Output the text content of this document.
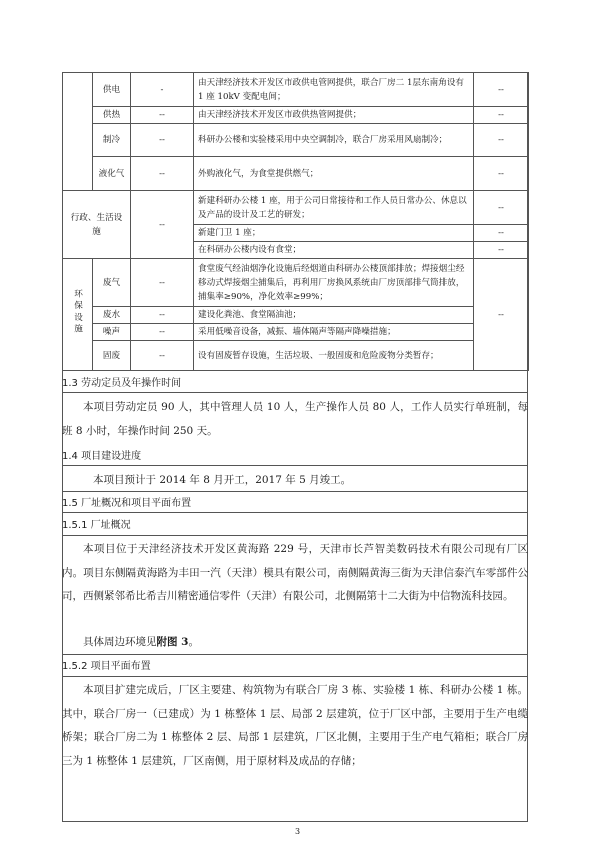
	供电	-	由天津经济技术开发区市政供电管网提供，联合厂房二 1层东南角设有 1 座 10kV 变配电间；	--
	供热	--	由天津经济技术开发区市政供热管网提供；	--
	制冷	--	科研办公楼和实验楼采用中央空调制冷，联合厂房采用风扇制冷；	--
	液化气	--	外购液化气，为食堂提供燃气；	--
行政、生活设施		--	新建科研办公楼 1 座，用于公司日常接待和工作人员日常办公、休息以及产品的设计及工艺的研发；	--
			新建门卫 1 座；	--
			在科研办公楼内设有食堂；	--
环保设施	废气	--	食堂废气经油烟净化设施后经烟道由科研办公楼顶部排放；焊接烟尘经移动式焊接烟尘捕集后，再利用厂房换风系统由厂房顶部排气筒排放，捕集率≥90%，净化效率≥99%；	--
	废水	--	建设化粪池、食堂隔油池；	
	噪声	--	采用低噪音设备，减振、墙体隔声等隔声降噪措施；	
	固废	--	设有固废暂存设施，生活垃圾、一般固废和危险废物分类暂存；	
1.3 劳动定员及年操作时间
本项目劳动定员 90 人，其中管理人员 10 人，生产操作人员 80 人，工作人员实行单班制，每班 8 小时，年操作时间 250 天。
1.4 项目建设进度
本项目预计于 2014 年 8 月开工，2017 年 5 月竣工。
1.5 厂址概况和项目平面布置
1.5.1 厂址概况
本项目位于天津经济技术开发区黄海路 229 号，天津市长芦智美数码技术有限公司现有厂区内。项目东侧隔黄海路为丰田一汽（天津）模具有限公司，南侧隔黄海三街为天津信泰汽车零部件公司，西侧紧邻希比希吉川精密通信零件（天津）有限公司，北侧隔第十二大街为中信物流科技园。
具体周边环境见附图 3。
1.5.2 项目平面布置
本项目扩建完成后，厂区主要建、构筑物为有联合厂房 3 栋、实验楼 1 栋、科研办公楼 1 栋。其中，联合厂房一（已建成）为 1 栋整体 1 层、局部 2 层建筑，位于厂区中部，主要用于生产电缆桥架；联合厂房二为 1 栋整体 2 层、局部 1 层建筑，厂区北侧，主要用于生产电气箱柜；联合厂房三为 1 栋整体 1 层建筑，厂区南侧，用于原材料及成品的存储；
3
